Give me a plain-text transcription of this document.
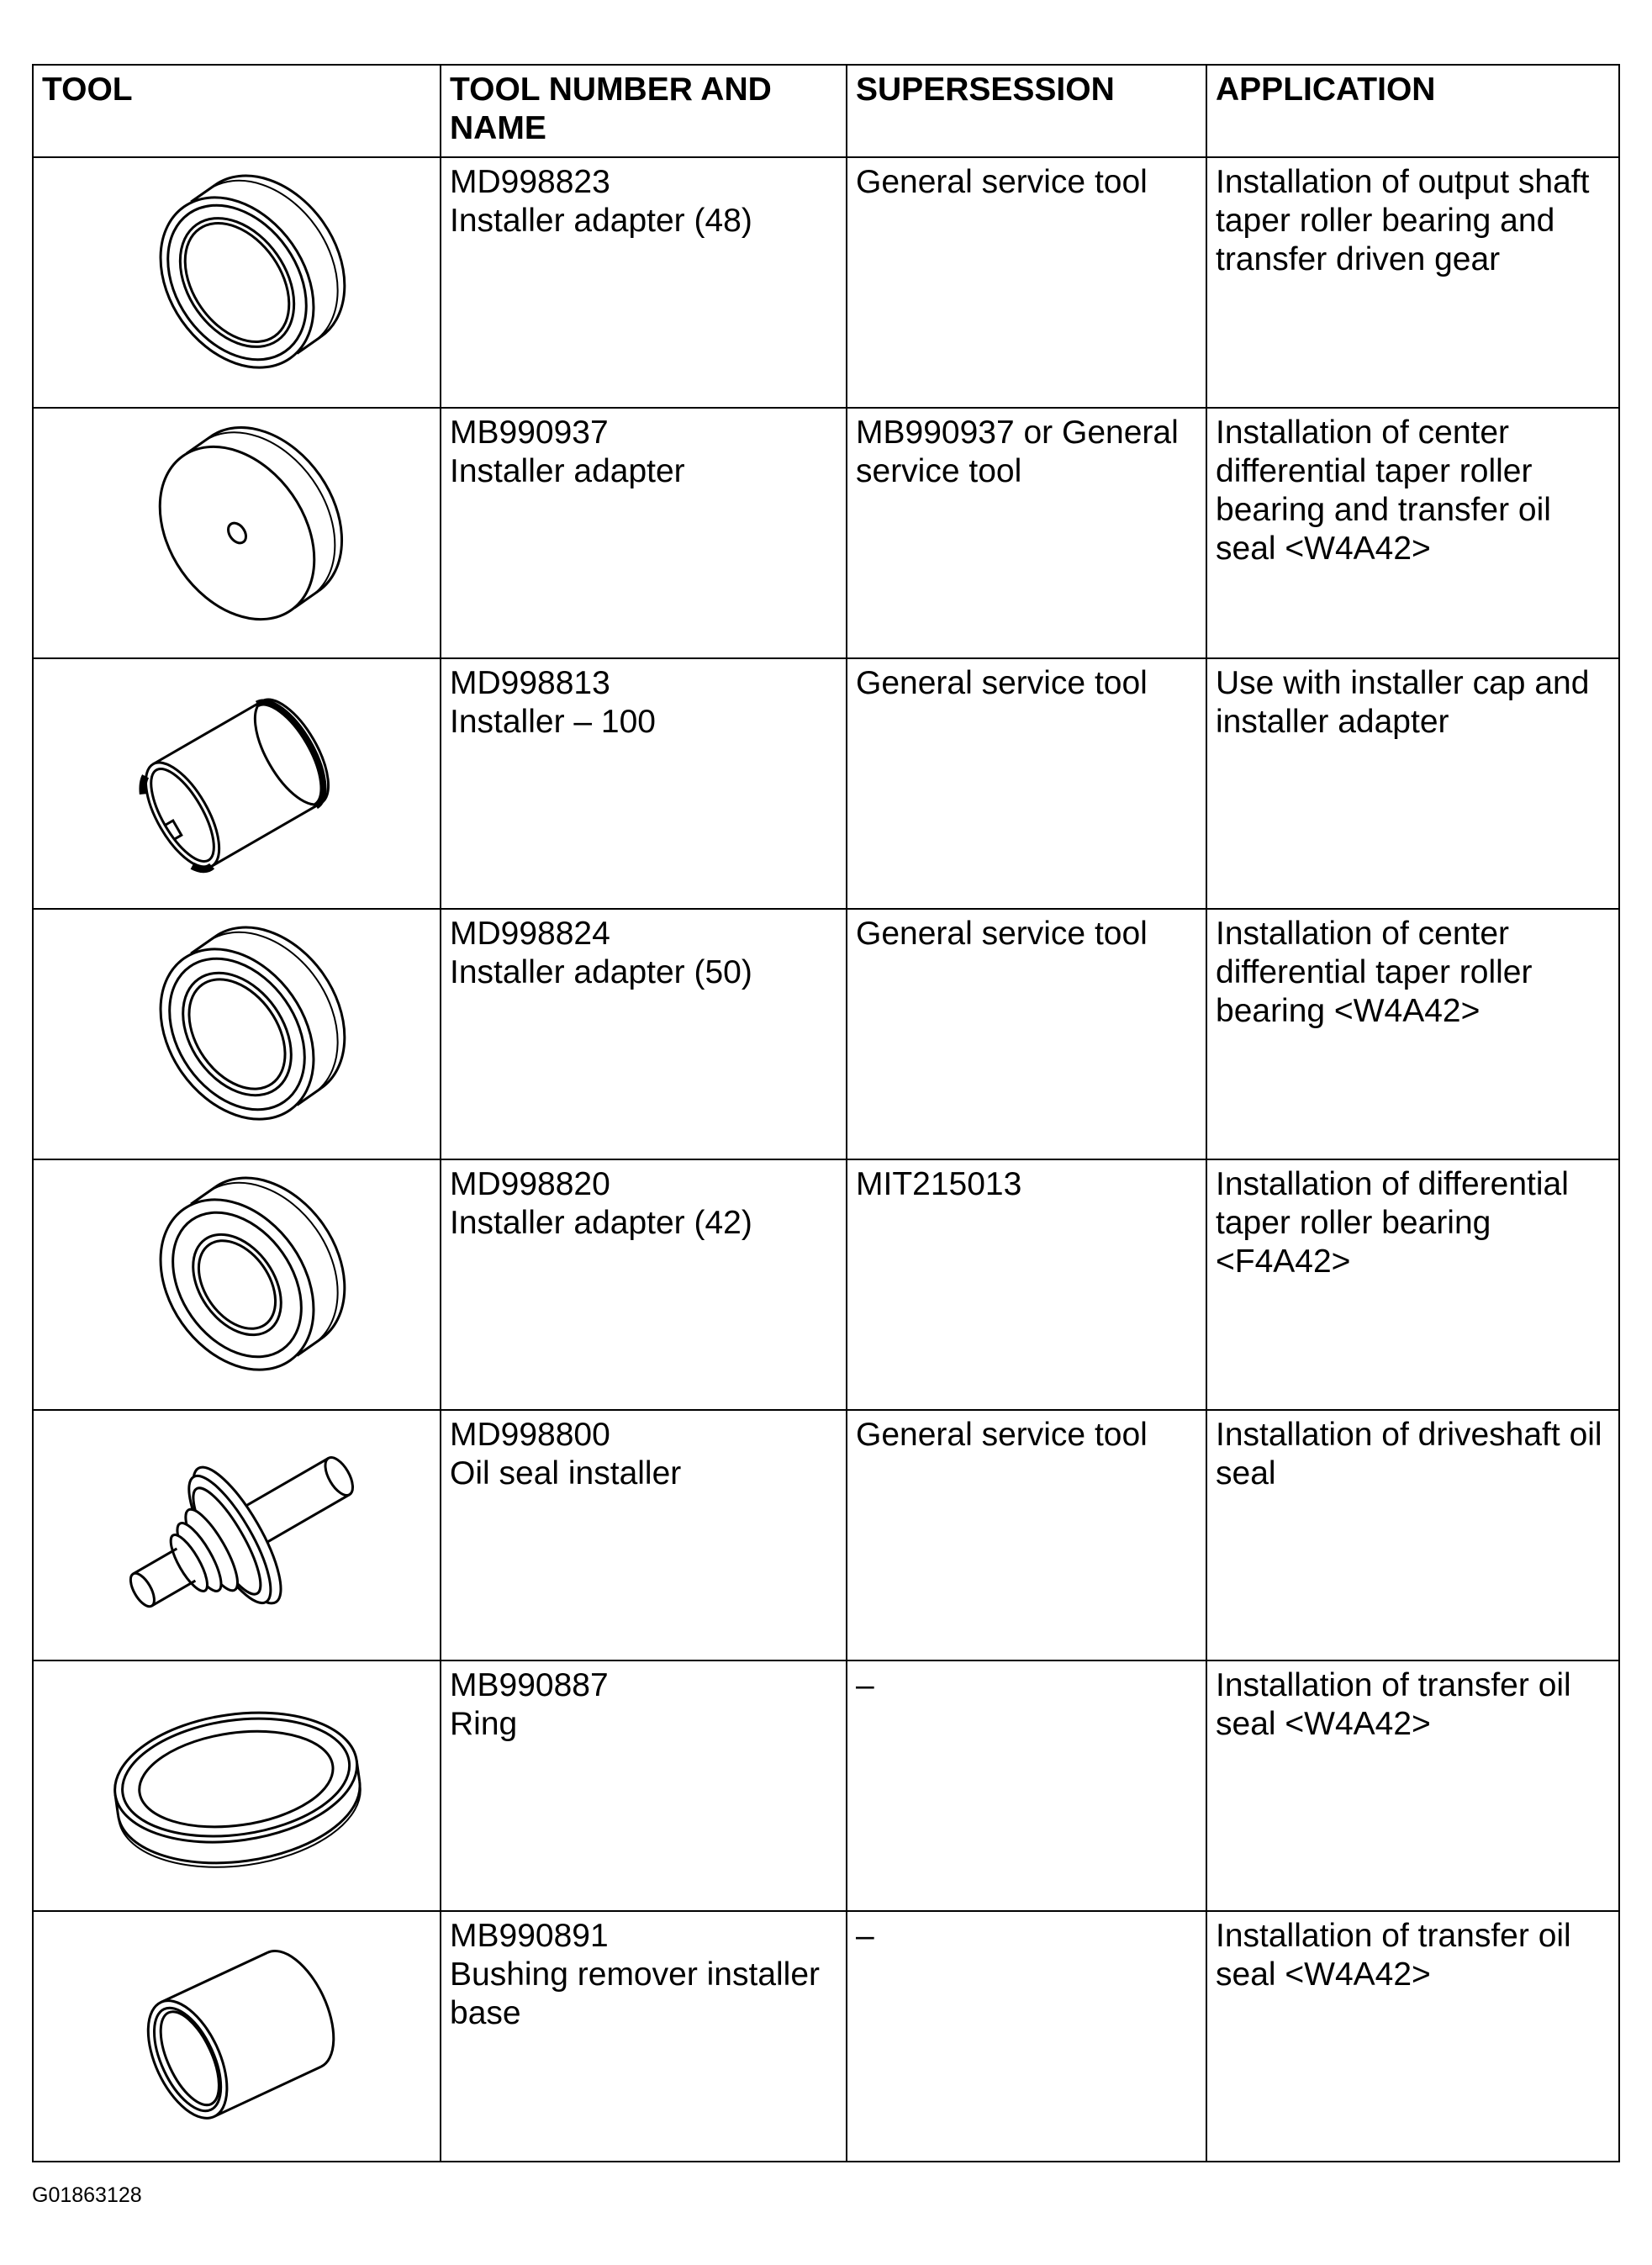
TOOL	TOOL NUMBER AND NAME	SUPERSESSION	APPLICATION

MD998823
Installer adapter (48)	General service tool	Installation of output shaft taper roller bearing and transfer driven gear

MB990937
Installer adapter	MB990937 or General service tool	Installation of center differential taper roller bearing and transfer oil seal <W4A42>

MD998813
Installer – 100	General service tool	Use with installer cap and installer adapter

MD998824
Installer adapter (50)	General service tool	Installation of center differential taper roller bearing <W4A42>

MD998820
Installer adapter (42)	MIT215013	Installation of differential taper roller bearing <F4A42>

MD998800
Oil seal installer	General service tool	Installation of driveshaft oil seal

MB990887
Ring	–	Installation of transfer oil seal <W4A42>

MB990891
Bushing remover installer base	–	Installation of transfer oil seal <W4A42>
G01863128
